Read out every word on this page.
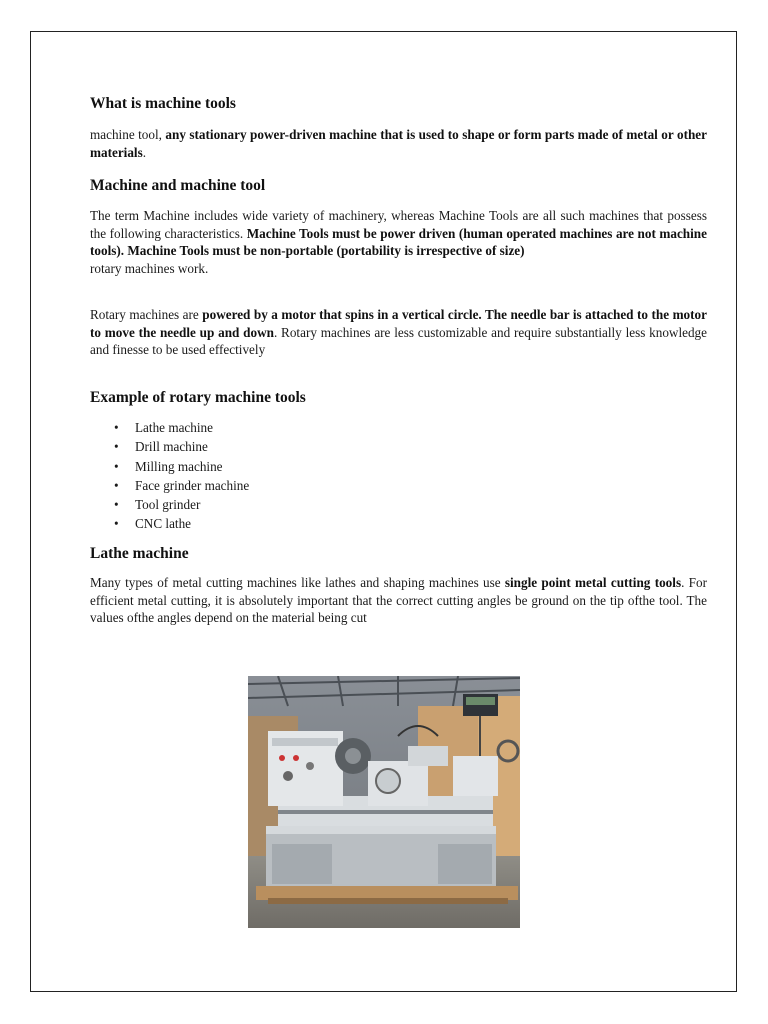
What is machine tools

machine tool, any stationary power-driven machine that is used to shape or form parts made of metal or other materials.

Machine and machine tool

The term Machine includes wide variety of machinery, whereas Machine Tools are all such machines that possess the following characteristics. Machine Tools must be power driven (human operated machines are not machine tools). Machine Tools must be non-portable (portability is irrespective of size)
rotary machines work.

Rotary machines are powered by a motor that spins in a vertical circle. The needle bar is attached to the motor to move the needle up and down. Rotary machines are less customizable and require substantially less knowledge and finesse to be used effectively

Example of rotary machine tools
• Lathe machine
• Drill machine
• Milling machine
• Face grinder machine
• Tool grinder
• CNC lathe
Lathe machine

Many types of metal cutting machines like lathes and shaping machines use single point metal cutting tools. For efficient metal cutting, it is absolutely important that the correct cutting angles be ground on the tip ofthe tool. The values ofthe angles depend on the material being cut
